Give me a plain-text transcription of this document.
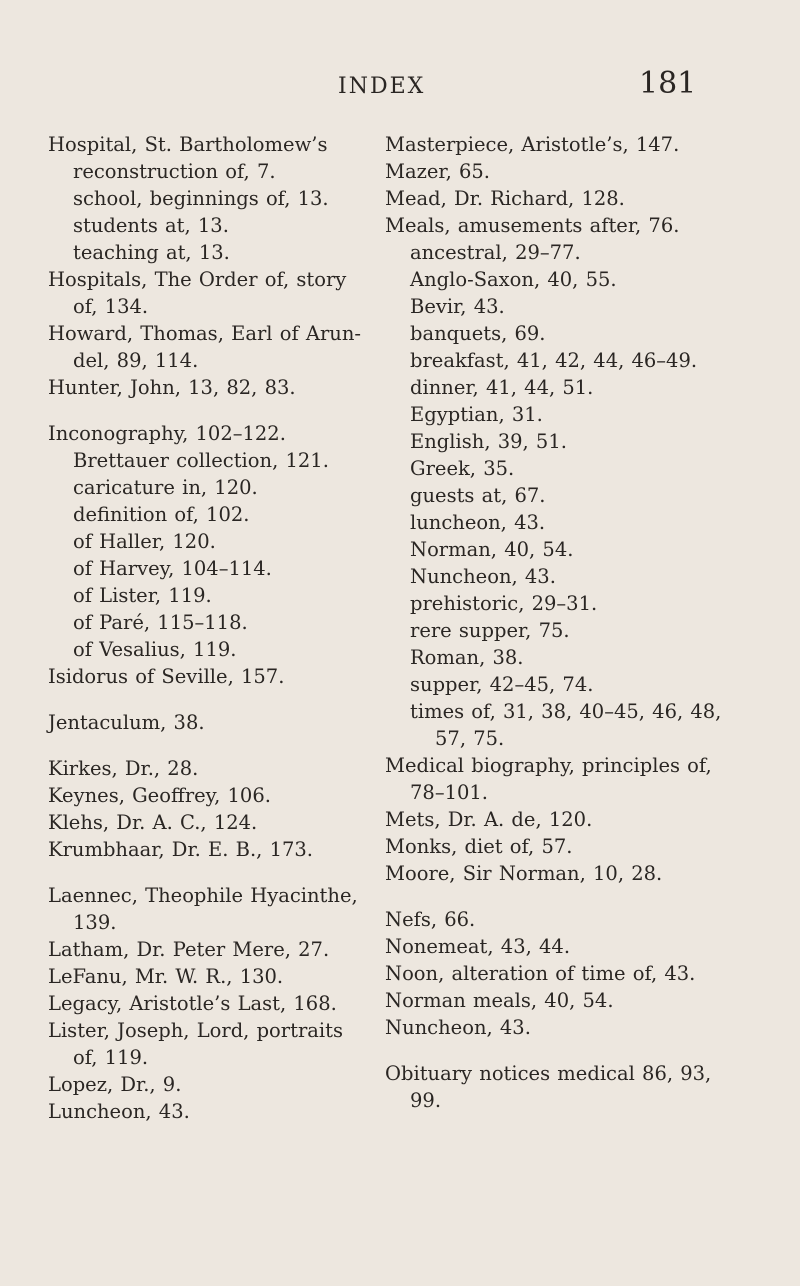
INDEX	181
Hospital, St. Bartholomew’s
reconstruction of, 7.
school, beginnings of, 13.
students at, 13.
teaching at, 13.
Hospitals, The Order of, story
of, 134.
Howard, Thomas, Earl of Arun-
del, 89, 114.
Hunter, John, 13, 82, 83.
Inconography, 102–122.
Brettauer collection, 121.
caricature in, 120.
definition of, 102.
of Haller, 120.
of Harvey, 104–114.
of Lister, 119.
of Paré, 115–118.
of Vesalius, 119.
Isidorus of Seville, 157.
Jentaculum, 38.
Kirkes, Dr., 28.
Keynes, Geoffrey, 106.
Klehs, Dr. A. C., 124.
Krumbhaar, Dr. E. B., 173.
Laennec, Theophile Hyacinthe,
139.
Latham, Dr. Peter Mere, 27.
LeFanu, Mr. W. R., 130.
Legacy, Aristotle’s Last, 168.
Lister, Joseph, Lord, portraits
of, 119.
Lopez, Dr., 9.
Luncheon, 43.
Masterpiece, Aristotle’s, 147.
Mazer, 65.
Mead, Dr. Richard, 128.
Meals, amusements after, 76.
ancestral, 29–77.
Anglo-Saxon, 40, 55.
Bevir, 43.
banquets, 69.
breakfast, 41, 42, 44, 46–49.
dinner, 41, 44, 51.
Egyptian, 31.
English, 39, 51.
Greek, 35.
guests at, 67.
luncheon, 43.
Norman, 40, 54.
Nuncheon, 43.
prehistoric, 29–31.
rere supper, 75.
Roman, 38.
supper, 42–45, 74.
times of, 31, 38, 40–45, 46, 48,
57, 75.
Medical biography, principles of,
78–101.
Mets, Dr. A. de, 120.
Monks, diet of, 57.
Moore, Sir Norman, 10, 28.
Nefs, 66.
Nonemeat, 43, 44.
Noon, alteration of time of, 43.
Norman meals, 40, 54.
Nuncheon, 43.
Obituary notices medical 86, 93,
99.
